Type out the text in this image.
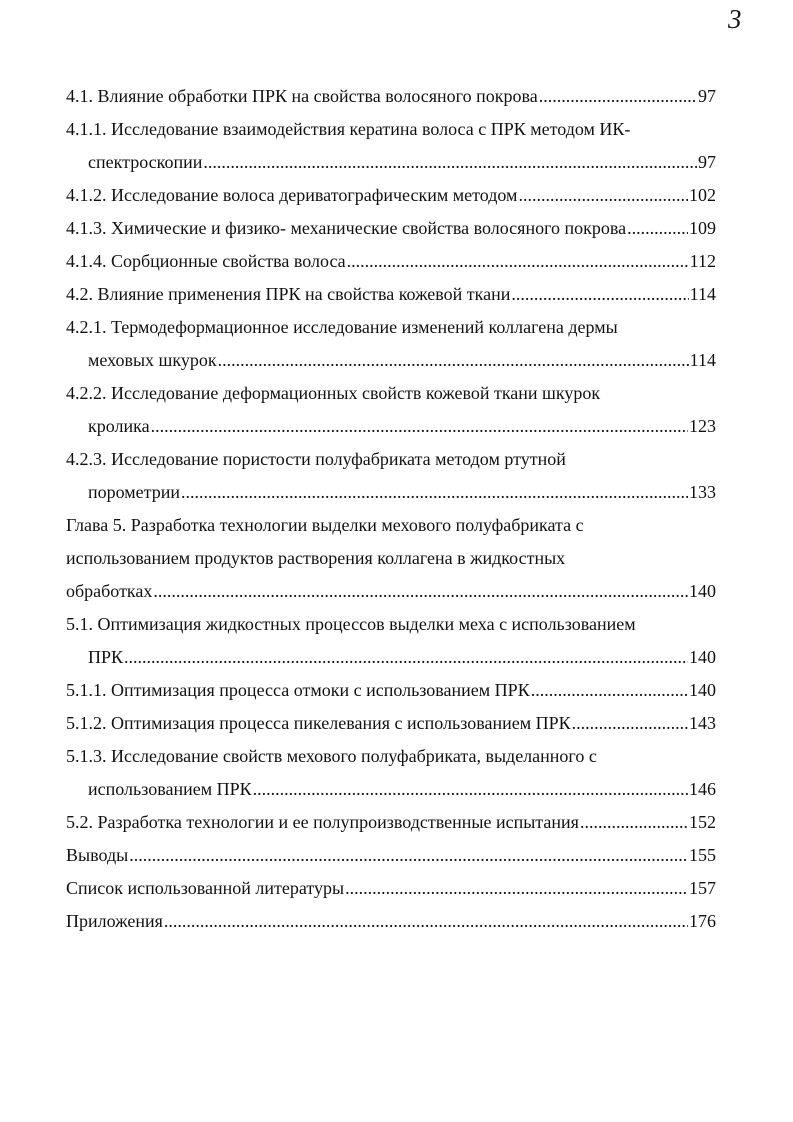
3
4.1. Влияние обработки ПРК на свойства волосяного покрова .....	97
4.1.1. Исследование взаимодействия кератина волоса с ПРК методом ИК-
спектроскопии .....	97
4.1.2. Исследование волоса дериватографическим методом .....	102
4.1.3. Химические и физико- механические свойства волосяного покрова .....	109
4.1.4. Сорбционные свойства волоса .....	112
4.2. Влияние применения ПРК на свойства кожевой ткани .....	114
4.2.1. Термодеформационное исследование изменений коллагена дермы
меховых шкурок .....	114
4.2.2. Исследование деформационных свойств кожевой ткани шкурок
кролика .....	123
4.2.3. Исследование пористости полуфабриката методом ртутной
порометрии .....	133
Глава 5. Разработка технологии выделки мехового полуфабриката с
использованием продуктов растворения коллагена в жидкостных
обработках .....	140
5.1. Оптимизация жидкостных процессов выделки меха с использованием
ПРК .....	140
5.1.1. Оптимизация процесса отмоки с использованием ПРК .....	140
5.1.2. Оптимизация процесса пикелевания с использованием ПРК .....	143
5.1.3. Исследование свойств мехового полуфабриката, выделанного с
использованием ПРК .....	146
5.2. Разработка технологии и ее полупроизводственные испытания .....	152
Выводы .....	155
Список использованной литературы .....	157
Приложения .....	176
